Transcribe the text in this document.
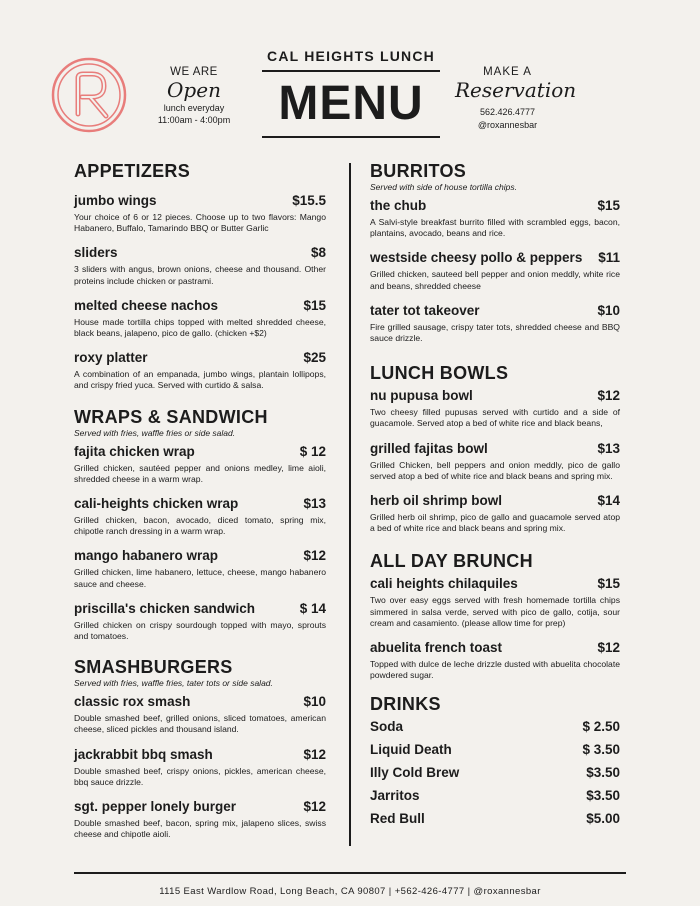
WE ARE
Open
lunch everyday
11:00am - 4:00pm
CAL HEIGHTS LUNCH
MENU
MAKE A
Reservation
562.426.4777
@roxannesbar
APPETIZERS
jumbo wings	$15.5
Your choice of 6 or 12 pieces. Choose up to two flavors: Mango Habanero, Buffalo, Tamarindo BBQ or Butter Garlic
sliders	$8
3 sliders with angus, brown onions, cheese and thousand. Other proteins include chicken or pastrami.
melted cheese nachos	$15
House made tortilla chips topped with melted shredded cheese, black beans, jalapeno, pico de gallo. (chicken +$2)
roxy platter	$25
A combination of an empanada, jumbo wings, plantain lollipops, and crispy fried yuca. Served with curtido & salsa.
WRAPS & SANDWICH
Served with fries, waffle fries or side salad.
fajita chicken wrap	$ 12
Grilled chicken, sautéed pepper and onions medley, lime aioli, shredded cheese in a warm wrap.
cali-heights chicken wrap	$13
Grilled chicken, bacon, avocado, diced tomato, spring mix, chipotle ranch dressing in a warm wrap.
mango habanero wrap	$12
Grilled chicken, lime habanero, lettuce, cheese, mango habanero sauce and cheese.
priscilla's chicken sandwich	$ 14
Grilled chicken on crispy sourdough topped with mayo, sprouts and tomatoes.
SMASHBURGERS
Served with fries, waffle fries, tater tots or side salad.
classic rox smash	$10
Double smashed beef, grilled onions, sliced tomatoes, american cheese, sliced pickles and thousand island.
jackrabbit bbq smash	$12
Double smashed beef, crispy onions, pickles, american cheese, bbq sauce drizzle.
sgt. pepper lonely burger	$12
Double smashed beef, bacon, spring mix, jalapeno slices, swiss cheese and chipotle aioli.
BURRITOS
Served with side of house tortilla chips.
the chub	$15
A Salvi-style breakfast burrito filled with scrambled eggs, bacon, plantains, avocado, beans and rice.
westside cheesy pollo & peppers $11
Grilled chicken, sauteed bell pepper and onion meddly, white rice and beans, shredded cheese
tater tot takeover	$10
Fire grilled sausage, crispy tater tots, shredded cheese and BBQ sauce drizzle.
LUNCH BOWLS
nu pupusa bowl	$12
Two cheesy filled pupusas served with curtido and a side of guacamole. Served atop a bed of white rice and black beans,
grilled fajitas bowl	$13
Grilled Chicken, bell peppers and onion meddly, pico de gallo served atop a bed of white rice and black beans and spring mix.
herb oil shrimp bowl	$14
Grilled herb oil shrimp, pico de gallo and guacamole served atop a bed of white rice and black beans and spring mix.
ALL DAY BRUNCH
cali heights chilaquiles	$15
Two over easy eggs served with fresh homemade tortilla chips simmered in salsa verde, served with pico de gallo, cotija, sour cream and casamiento. (please allow time for prep)
abuelita french toast	$12
Topped with dulce de leche drizzle dusted with abuelita chocolate powdered sugar.
DRINKS
Soda	$ 2.50
Liquid Death	$ 3.50
Illy Cold Brew	$3.50
Jarritos	$3.50
Red Bull	$5.00
1115 East Wardlow Road, Long Beach, CA 90807 | +562-426-4777 | @roxannesbar
